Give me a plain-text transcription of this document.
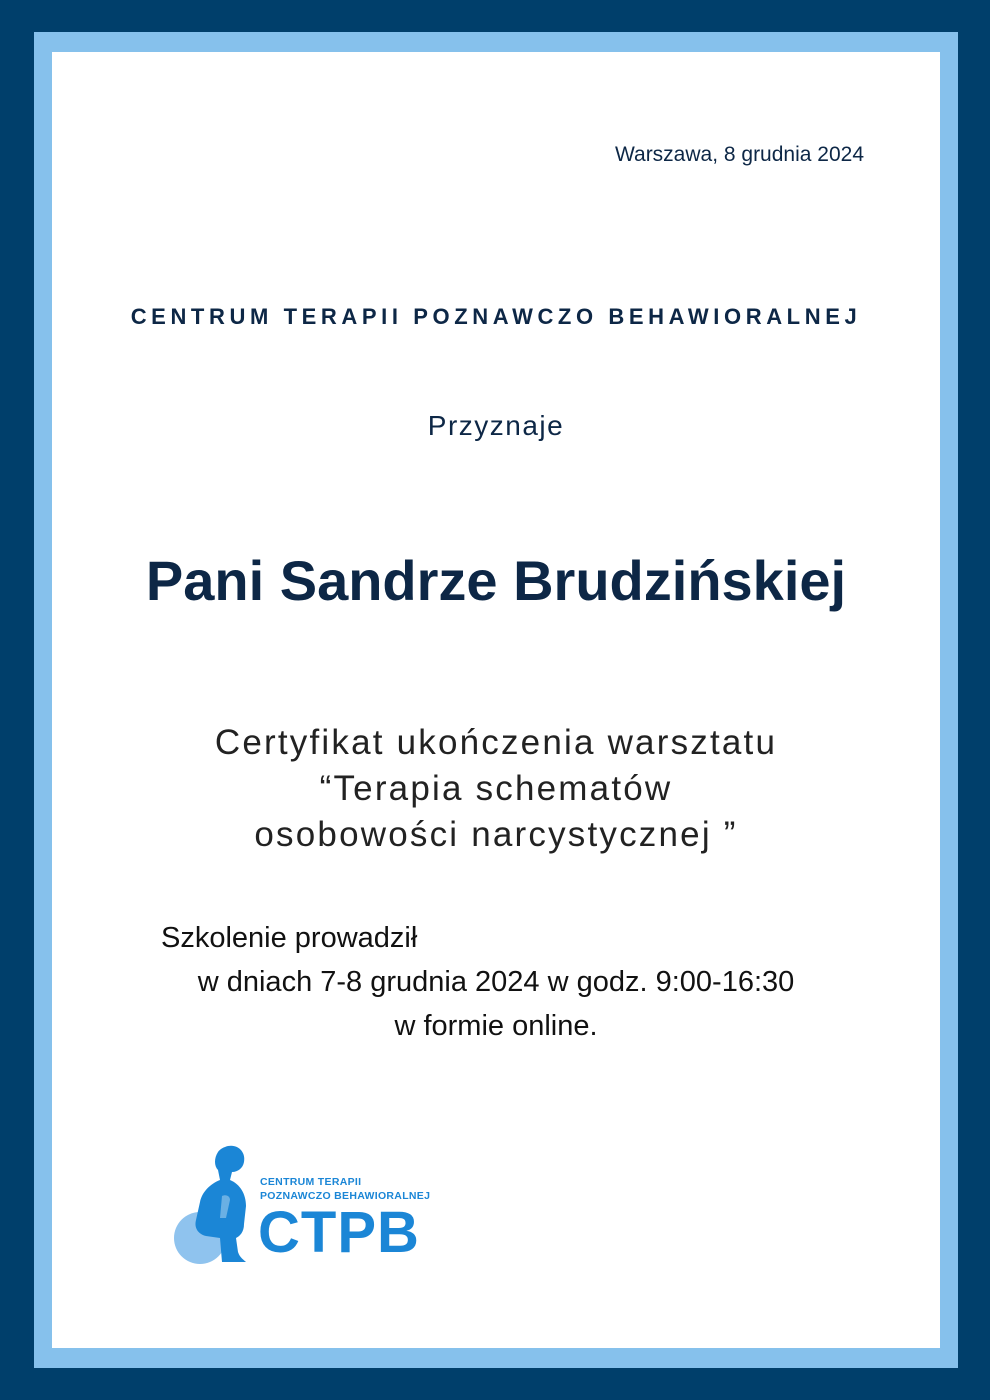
Warszawa, 8 grudnia 2024
CENTRUM TERAPII POZNAWCZO BEHAWIORALNEJ
Przyznaje
Pani Sandrze Brudzińskiej
Certyfikat ukończenia warsztatu
“Terapia schematów
osobowości narcystycznej ”
Szkolenie prowadził
w dniach 7-8 grudnia 2024 w godz. 9:00-16:30
w formie online.
CENTRUM TERAPII
POZNAWCZO BEHAWIORALNEJ
CTPB
